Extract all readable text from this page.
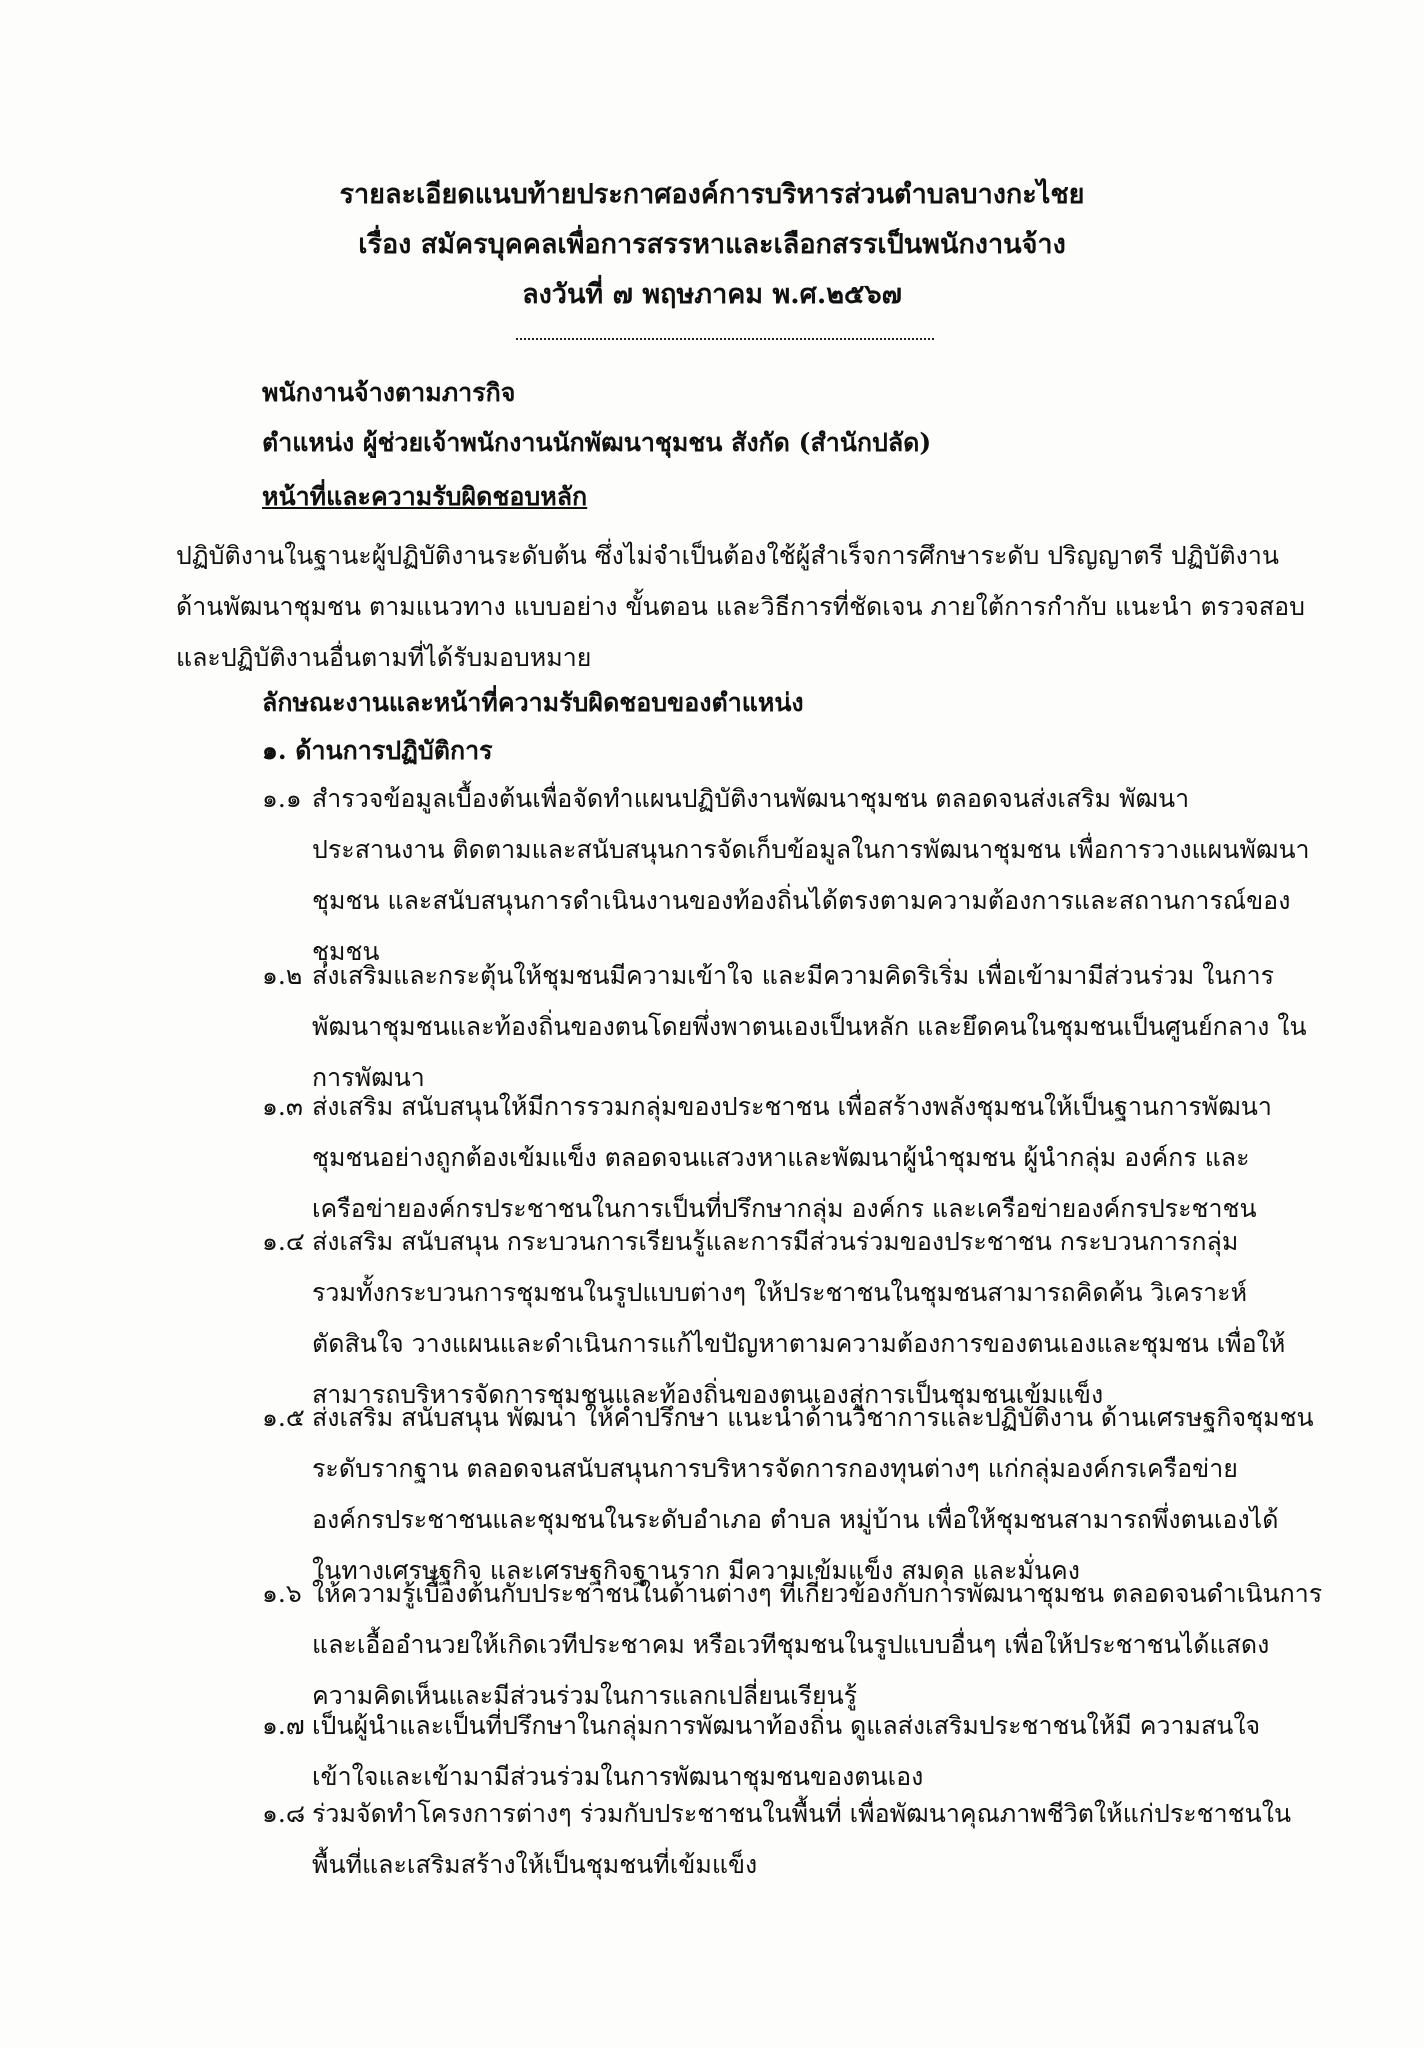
รายละเอียดแนบท้ายประกาศองค์การบริหารส่วนตำบลบางกะไชย
เรื่อง สมัครบุคคลเพื่อการสรรหาและเลือกสรรเป็นพนักงานจ้าง
ลงวันที่ ๗ พฤษภาคม พ.ศ.๒๕๖๗
พนักงานจ้างตามภารกิจ
ตำแหน่ง ผู้ช่วยเจ้าพนักงานนักพัฒนาชุมชน สังกัด (สำนักปลัด)
หน้าที่และความรับผิดชอบหลัก
ปฏิบัติงานในฐานะผู้ปฏิบัติงานระดับต้น ซึ่งไม่จำเป็นต้องใช้ผู้สำเร็จการศึกษาระดับ ปริญญาตรี ปฏิบัติงาน
ด้านพัฒนาชุมชน ตามแนวทาง แบบอย่าง ขั้นตอน และวิธีการที่ชัดเจน ภายใต้การกำกับ แนะนำ ตรวจสอบ
และปฏิบัติงานอื่นตามที่ได้รับมอบหมาย
ลักษณะงานและหน้าที่ความรับผิดชอบของตำแหน่ง
๑. ด้านการปฏิบัติการ
๑.๑ สำรวจข้อมูลเบื้องต้นเพื่อจัดทำแผนปฏิบัติงานพัฒนาชุมชน ตลอดจนส่งเสริม พัฒนา
ประสานงาน ติดตามและสนับสนุนการจัดเก็บข้อมูลในการพัฒนาชุมชน เพื่อการวางแผนพัฒนา
ชุมชน และสนับสนุนการดำเนินงานของท้องถิ่นได้ตรงตามความต้องการและสถานการณ์ของ
ชุมชน
๑.๒ ส่งเสริมและกระตุ้นให้ชุมชนมีความเข้าใจ และมีความคิดริเริ่ม เพื่อเข้ามามีส่วนร่วม ในการ
พัฒนาชุมชนและท้องถิ่นของตนโดยพึ่งพาตนเองเป็นหลัก และยึดคนในชุมชนเป็นศูนย์กลาง ใน
การพัฒนา
๑.๓ ส่งเสริม สนับสนุนให้มีการรวมกลุ่มของประชาชน เพื่อสร้างพลังชุมชนให้เป็นฐานการพัฒนา
ชุมชนอย่างถูกต้องเข้มแข็ง ตลอดจนแสวงหาและพัฒนาผู้นำชุมชน ผู้นำกลุ่ม องค์กร และ
เครือข่ายองค์กรประชาชนในการเป็นที่ปรึกษากลุ่ม องค์กร และเครือข่ายองค์กรประชาชน
๑.๔ ส่งเสริม สนับสนุน กระบวนการเรียนรู้และการมีส่วนร่วมของประชาชน กระบวนการกลุ่ม
รวมทั้งกระบวนการชุมชนในรูปแบบต่างๆ ให้ประชาชนในชุมชนสามารถคิดค้น วิเคราะห์
ตัดสินใจ วางแผนและดำเนินการแก้ไขปัญหาตามความต้องการของตนเองและชุมชน เพื่อให้
สามารถบริหารจัดการชุมชนและท้องถิ่นของตนเองสู่การเป็นชุมชนเข้มแข็ง
๑.๕ ส่งเสริม สนับสนุน พัฒนา ให้คำปรึกษา แนะนำด้านวิชาการและปฏิบัติงาน ด้านเศรษฐกิจชุมชน
ระดับรากฐาน ตลอดจนสนับสนุนการบริหารจัดการกองทุนต่างๆ แก่กลุ่มองค์กรเครือข่าย
องค์กรประชาชนและชุมชนในระดับอำเภอ ตำบล หมู่บ้าน เพื่อให้ชุมชนสามารถพึ่งตนเองได้
ในทางเศรษฐกิจ และเศรษฐกิจฐานราก มีความเข้มแข็ง สมดุล และมั่นคง
๑.๖ ให้ความรู้เบื้องต้นกับประชาชนในด้านต่างๆ ที่เกี่ยวข้องกับการพัฒนาชุมชน ตลอดจนดำเนินการ
และเอื้ออำนวยให้เกิดเวทีประชาคม หรือเวทีชุมชนในรูปแบบอื่นๆ เพื่อให้ประชาชนได้แสดง
ความคิดเห็นและมีส่วนร่วมในการแลกเปลี่ยนเรียนรู้
๑.๗ เป็นผู้นำและเป็นที่ปรึกษาในกลุ่มการพัฒนาท้องถิ่น ดูแลส่งเสริมประชาชนให้มี ความสนใจ
เข้าใจและเข้ามามีส่วนร่วมในการพัฒนาชุมชนของตนเอง
๑.๘ ร่วมจัดทำโครงการต่างๆ ร่วมกับประชาชนในพื้นที่ เพื่อพัฒนาคุณภาพชีวิตให้แก่ประชาชนใน
พื้นที่และเสริมสร้างให้เป็นชุมชนที่เข้มแข็ง
